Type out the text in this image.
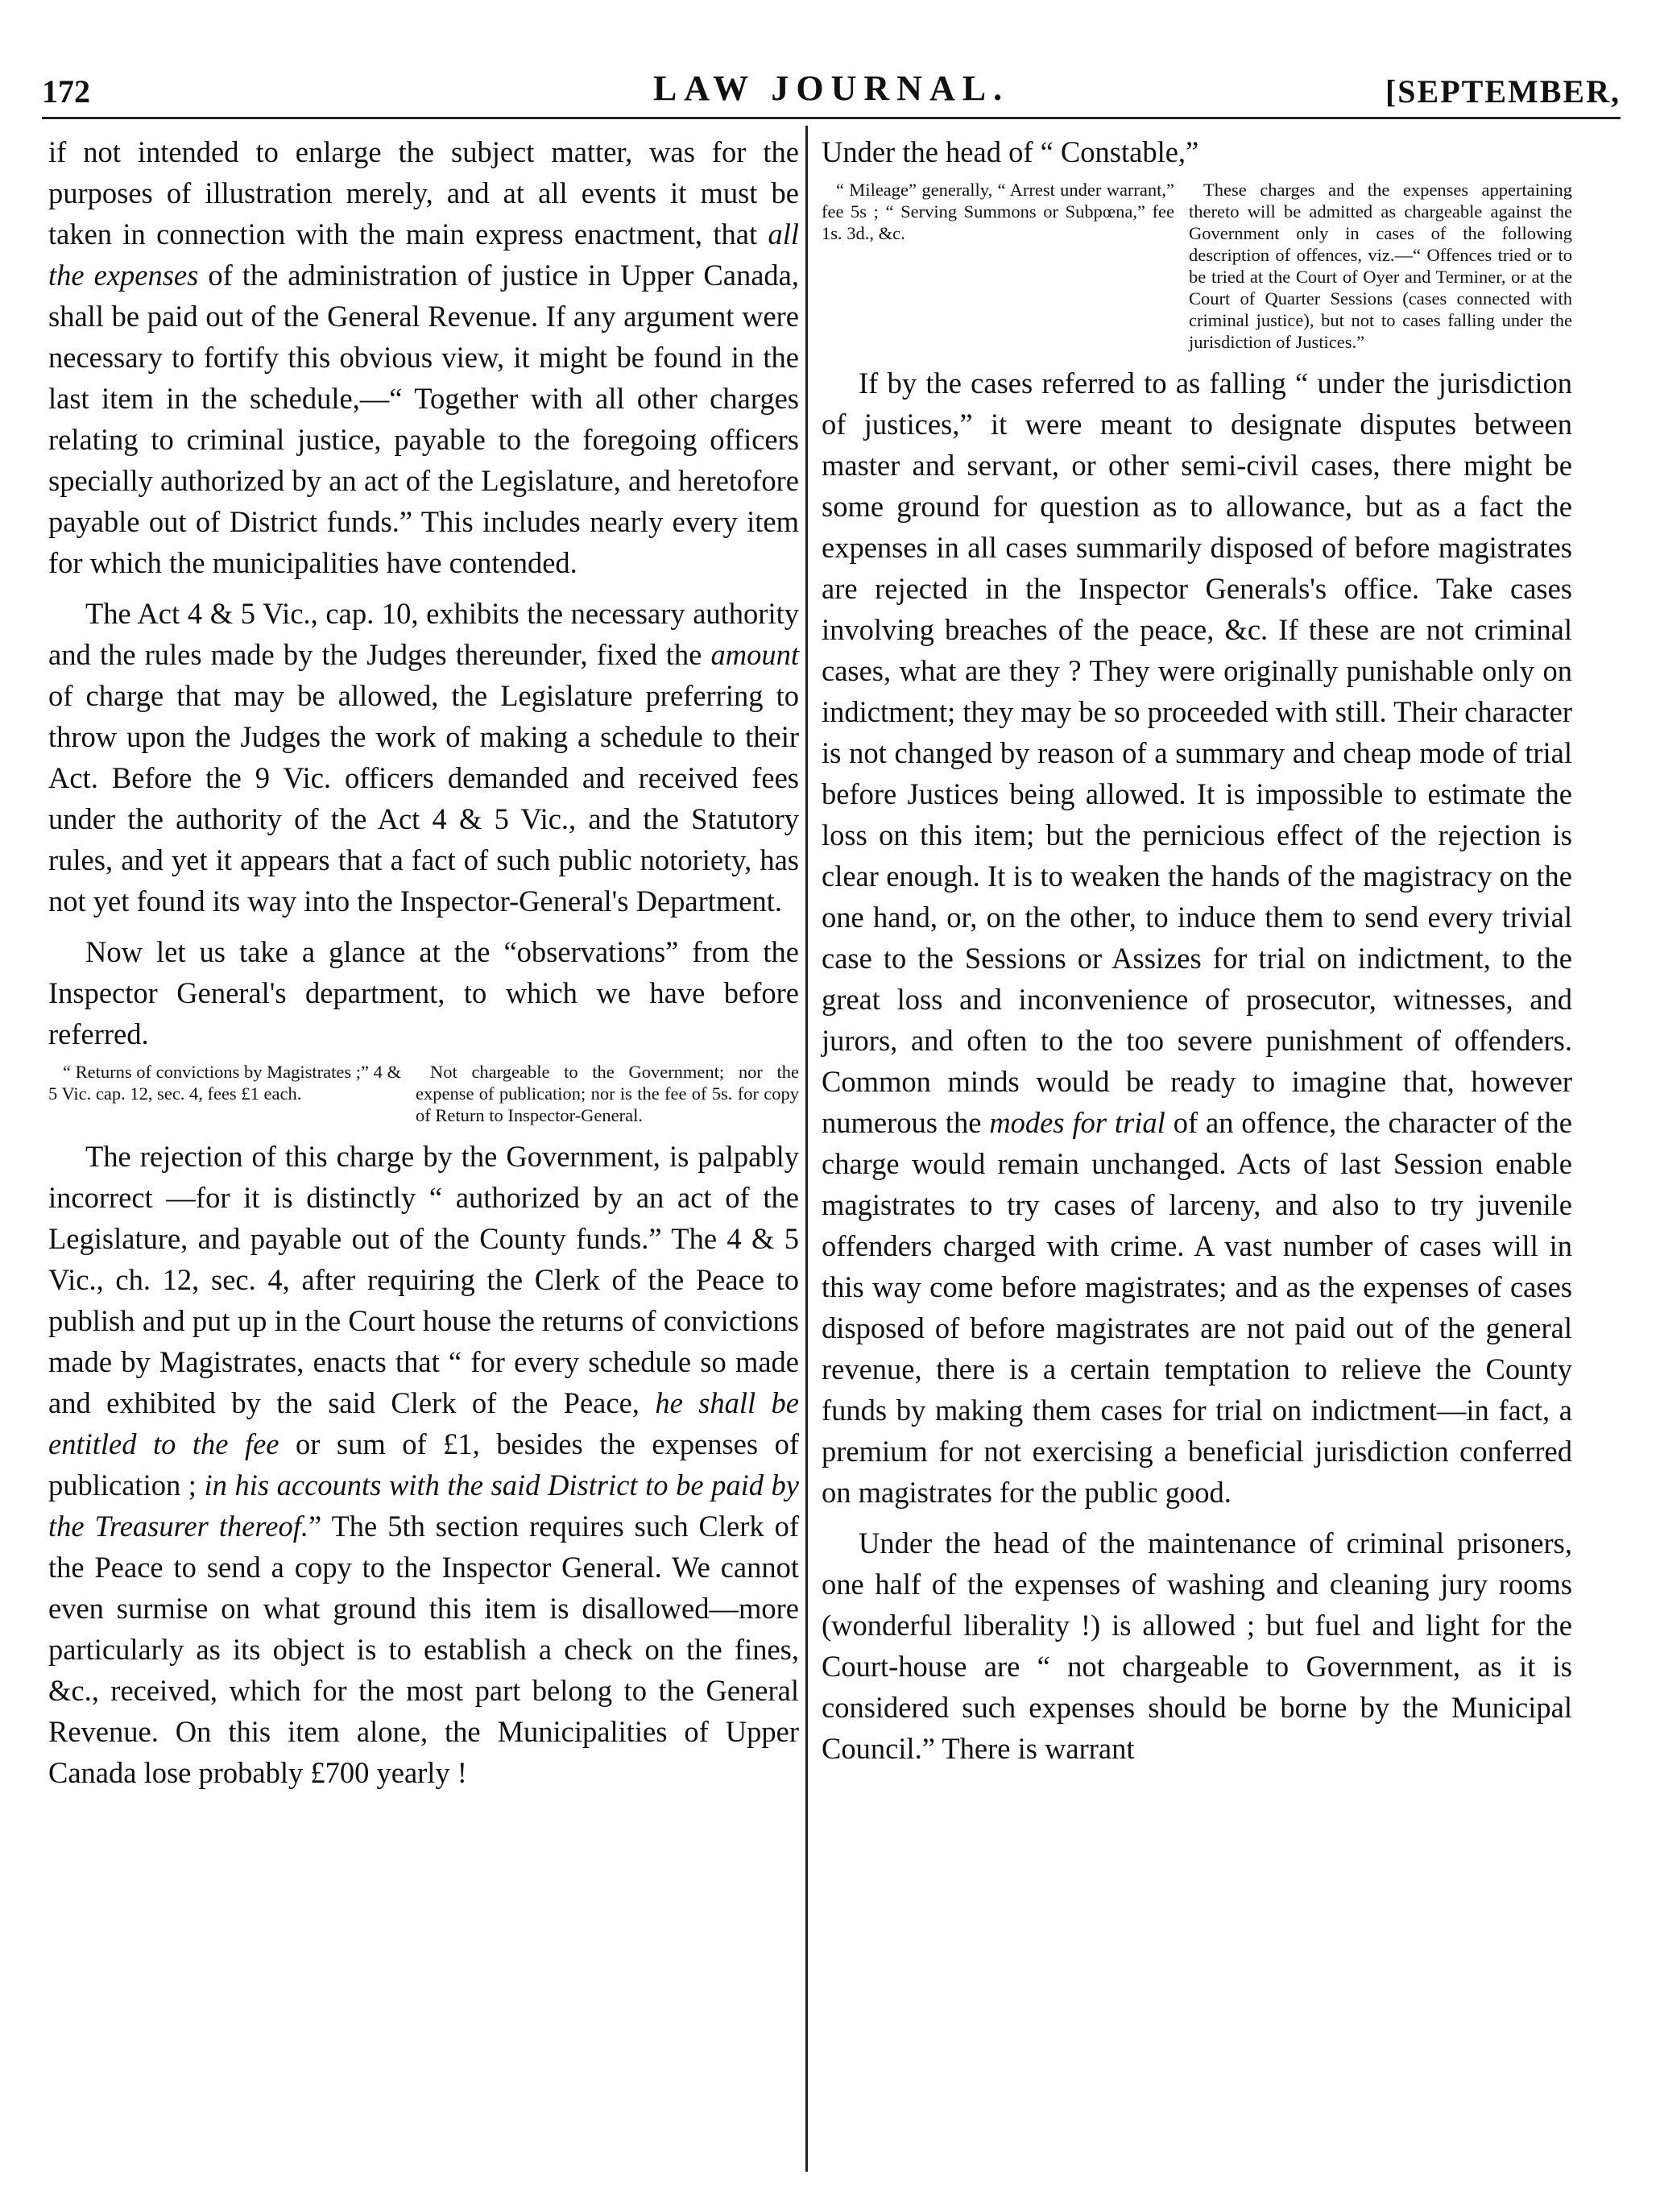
172	LAW JOURNAL.	[SEPTEMBER,

if not intended to enlarge the subject matter, was for the purposes of illustration merely, and at all events it must be taken in connection with the main express enactment, that all the expenses of the administration of justice in Upper Canada, shall be paid out of the General Revenue. If any argument were necessary to fortify this obvious view, it might be found in the last item in the schedule,—“ Together with all other charges relating to criminal justice, payable to the foregoing officers specially authorized by an act of the Legislature, and heretofore payable out of District funds.” This includes nearly every item for which the municipalities have contended.

The Act 4 & 5 Vic., cap. 10, exhibits the necessary authority and the rules made by the Judges thereunder, fixed the amount of charge that may be allowed, the Legislature preferring to throw upon the Judges the work of making a schedule to their Act. Before the 9 Vic. officers demanded and received fees under the authority of the Act 4 & 5 Vic., and the Statutory rules, and yet it appears that a fact of such public notoriety, has not yet found its way into the Inspector-General's Department.

Now let us take a glance at the “observations” from the Inspector General's department, to which we have before referred.

“ Returns of convictions by Magistrates ;” 4 & 5 Vic. cap. 12, sec. 4, fees £1 each.
Not chargeable to the Government; nor the expense of publication; nor is the fee of 5s. for copy of Return to Inspector-General.

The rejection of this charge by the Government, is palpably incorrect —for it is distinctly “ authorized by an act of the Legislature, and payable out of the County funds.” The 4 & 5 Vic., ch. 12, sec. 4, after requiring the Clerk of the Peace to publish and put up in the Court house the returns of convictions made by Magistrates, enacts that “ for every schedule so made and exhibited by the said Clerk of the Peace, he shall be entitled to the fee or sum of £1, besides the expenses of publication ; in his accounts with the said District to be paid by the Treasurer thereof.” The 5th section requires such Clerk of the Peace to send a copy to the Inspector General. We cannot even surmise on what ground this item is disallowed—more particularly as its object is to establish a check on the fines, &c., received, which for the most part belong to the General Revenue. On this item alone, the Municipalities of Upper Canada lose probably £700 yearly !

Under the head of “ Constable,”

“ Mileage” generally, “ Arrest under warrant,” fee 5s ; “ Serving Summons or Subpœna,” fee 1s. 3d., &c.
These charges and the expenses appertaining thereto will be admitted as chargeable against the Government only in cases of the following description of offences, viz.—“ Offences tried or to be tried at the Court of Oyer and Terminer, or at the Court of Quarter Sessions (cases connected with criminal justice), but not to cases falling under the jurisdiction of Justices.”

If by the cases referred to as falling “ under the jurisdiction of justices,” it were meant to designate disputes between master and servant, or other semi-civil cases, there might be some ground for question as to allowance, but as a fact the expenses in all cases summarily disposed of before magistrates are rejected in the Inspector Generals's office. Take cases involving breaches of the peace, &c. If these are not criminal cases, what are they ? They were originally punishable only on indictment; they may be so proceeded with still. Their character is not changed by reason of a summary and cheap mode of trial before Justices being allowed. It is impossible to estimate the loss on this item; but the pernicious effect of the rejection is clear enough. It is to weaken the hands of the magistracy on the one hand, or, on the other, to induce them to send every trivial case to the Sessions or Assizes for trial on indictment, to the great loss and inconvenience of prosecutor, witnesses, and jurors, and often to the too severe punishment of offenders. Common minds would be ready to imagine that, however numerous the modes for trial of an offence, the character of the charge would remain unchanged. Acts of last Session enable magistrates to try cases of larceny, and also to try juvenile offenders charged with crime. A vast number of cases will in this way come before magistrates; and as the expenses of cases disposed of before magistrates are not paid out of the general revenue, there is a certain temptation to relieve the County funds by making them cases for trial on indictment—in fact, a premium for not exercising a beneficial jurisdiction conferred on magistrates for the public good.

Under the head of the maintenance of criminal prisoners, one half of the expenses of washing and cleaning jury rooms (wonderful liberality !) is allowed ; but fuel and light for the Court-house are “ not chargeable to Government, as it is considered such expenses should be borne by the Municipal Council.” There is warrant
